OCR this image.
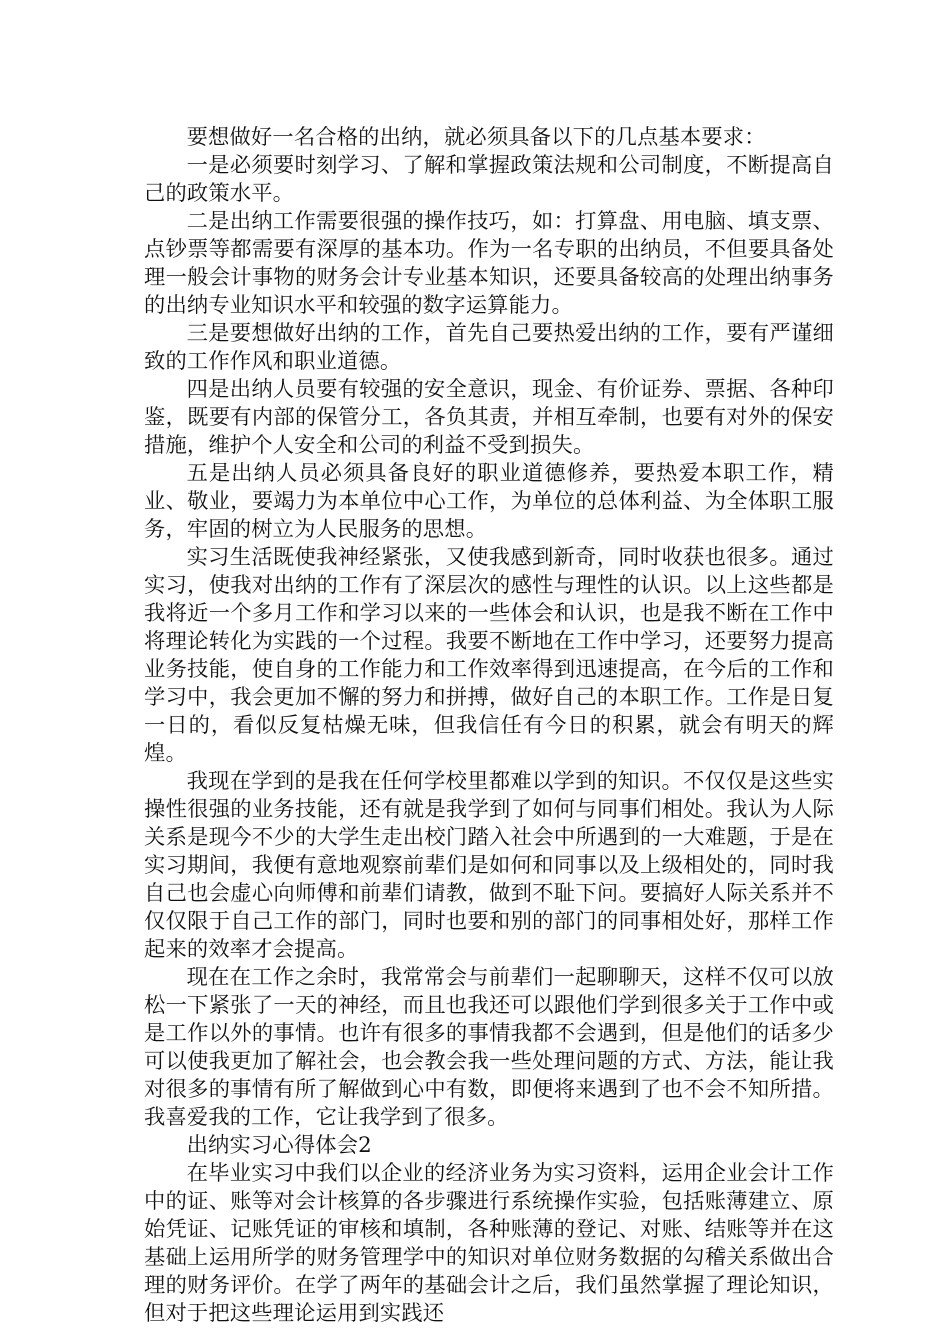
要想做好一名合格的出纳，就必须具备以下的几点基本要求：

一是必须要时刻学习、了解和掌握政策法规和公司制度，不断提高自己的政策水平。

二是出纳工作需要很强的操作技巧，如：打算盘、用电脑、填支票、点钞票等都需要有深厚的基本功。作为一名专职的出纳员，不但要具备处理一般会计事物的财务会计专业基本知识，还要具备较高的处理出纳事务的出纳专业知识水平和较强的数字运算能力。

三是要想做好出纳的工作，首先自己要热爱出纳的工作，要有严谨细致的工作作风和职业道德。

四是出纳人员要有较强的安全意识，现金、有价证券、票据、各种印鉴，既要有内部的保管分工，各负其责，并相互牵制，也要有对外的保安措施，维护个人安全和公司的利益不受到损失。

五是出纳人员必须具备良好的职业道德修养，要热爱本职工作，精业、敬业，要竭力为本单位中心工作，为单位的总体利益、为全体职工服务，牢固的树立为人民服务的思想。

实习生活既使我神经紧张，又使我感到新奇，同时收获也很多。通过实习，使我对出纳的工作有了深层次的感性与理性的认识。以上这些都是我将近一个多月工作和学习以来的一些体会和认识，也是我不断在工作中将理论转化为实践的一个过程。我要不断地在工作中学习，还要努力提高业务技能，使自身的工作能力和工作效率得到迅速提高，在今后的工作和学习中，我会更加不懈的努力和拼搏，做好自己的本职工作。工作是日复一日的，看似反复枯燥无味，但我信任有今日的积累，就会有明天的辉煌。

我现在学到的是我在任何学校里都难以学到的知识。不仅仅是这些实操性很强的业务技能，还有就是我学到了如何与同事们相处。我认为人际关系是现今不少的大学生走出校门踏入社会中所遇到的一大难题，于是在实习期间，我便有意地观察前辈们是如何和同事以及上级相处的，同时我自己也会虚心向师傅和前辈们请教，做到不耻下问。要搞好人际关系并不仅仅限于自己工作的部门，同时也要和别的部门的同事相处好，那样工作起来的效率才会提高。

现在在工作之余时，我常常会与前辈们一起聊聊天，这样不仅可以放松一下紧张了一天的神经，而且也我还可以跟他们学到很多关于工作中或是工作以外的事情。也许有很多的事情我都不会遇到，但是他们的话多少可以使我更加了解社会，也会教会我一些处理问题的方式、方法，能让我对很多的事情有所了解做到心中有数，即便将来遇到了也不会不知所措。我喜爱我的工作，它让我学到了很多。

出纳实习心得体会2

在毕业实习中我们以企业的经济业务为实习资料，运用企业会计工作中的证、账等对会计核算的各步骤进行系统操作实验，包括账薄建立、原始凭证、记账凭证的审核和填制，各种账薄的登记、对账、结账等并在这基础上运用所学的财务管理学中的知识对单位财务数据的勾稽关系做出合理的财务评价。在学了两年的基础会计之后，我们虽然掌握了理论知识，但对于把这些理论运用到实践还
